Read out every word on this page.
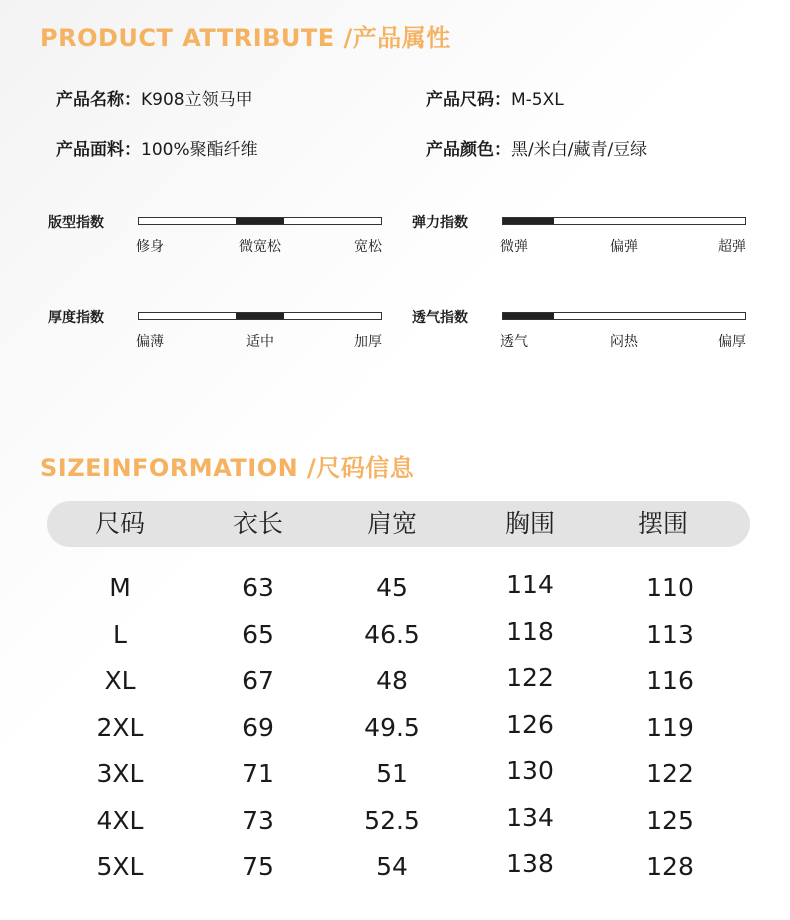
PRODUCT ATTRIBUTE /产品属性
产品名称：K908立领马甲	产品尺码：M-5XL
产品面料：100%聚酯纤维	产品颜色：黑/米白/藏青/豆绿
版型指数
修身	微宽松	宽松
弹力指数
微弹	偏弹	超弹
厚度指数
偏薄	适中	加厚
透气指数
透气	闷热	偏厚
SIZEINFORMATION /尺码信息
尺码	衣长	肩宽	胸围	摆围
M	63	45	114	110
L	65	46.5	118	113
XL	67	48	122	116
2XL	69	49.5	126	119
3XL	71	51	130	122
4XL	73	52.5	134	125
5XL	75	54	138	128
